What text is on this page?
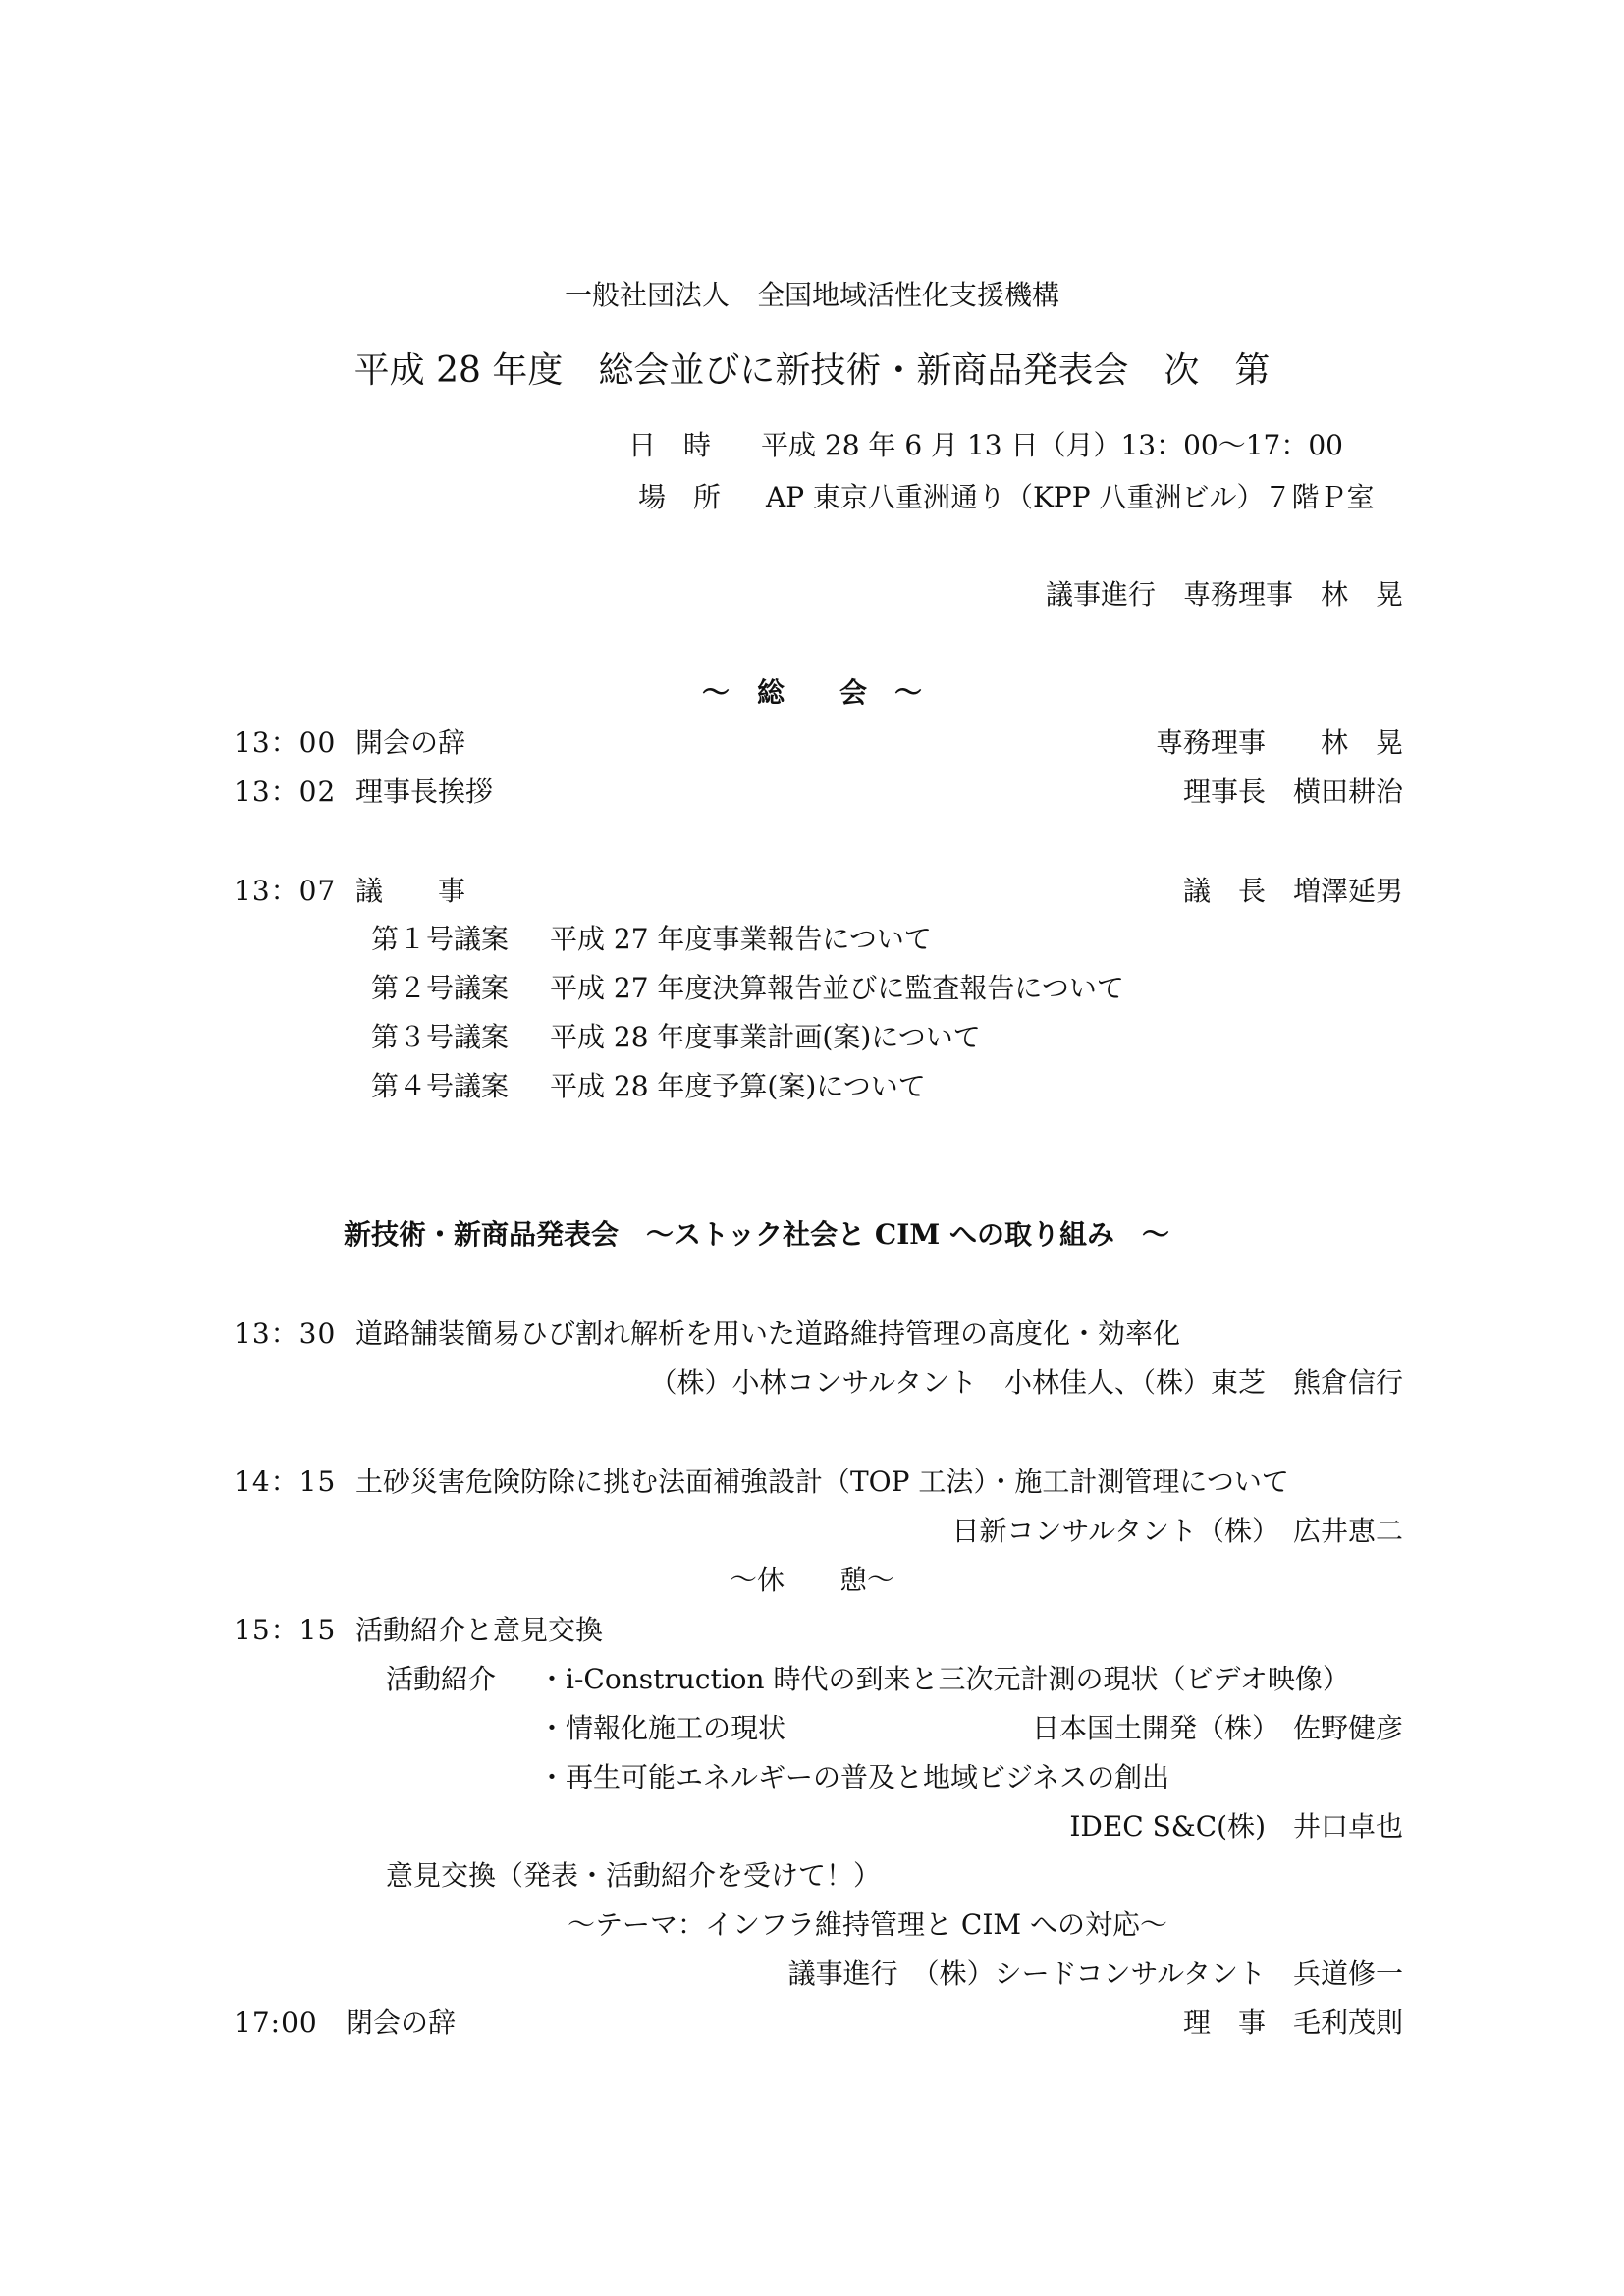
一般社団法人　全国地域活性化支援機構
平成 28 年度　総会並びに新技術・新商品発表会　次　第
日　時 平成 28 年 6 月 13 日（月）13：00～17：00
場　所 AP 東京八重洲通り（KPP 八重洲ビル）７階Ｐ室
議事進行　専務理事　林　晃
～　総　　会　～
13：00 開会の辞	専務理事　　林　晃
13：02 理事長挨拶	理事長　横田耕治
13：07 議　　事	議　長　増澤延男
第１号議案 平成 27 年度事業報告について
第２号議案 平成 27 年度決算報告並びに監査報告について
第３号議案 平成 28 年度事業計画(案)について
第４号議案 平成 28 年度予算(案)について
新技術・新商品発表会　～ストック社会と CIM への取り組み　～
13：30 道路舗装簡易ひび割れ解析を用いた道路維持管理の高度化・効率化
（株）小林コンサルタント　小林佳人、（株）東芝　熊倉信行
14：15 土砂災害危険防除に挑む法面補強設計（TOP 工法）・施工計測管理について
日新コンサルタント（株）　広井恵二
～休　　憩～
15：15 活動紹介と意見交換
活動紹介 ・i-Construction 時代の到来と三次元計測の現状（ビデオ映像）
・情報化施工の現状	日本国土開発（株）　佐野健彦
・再生可能エネルギーの普及と地域ビジネスの創出
IDEC S&C(株)　井口卓也
意見交換（発表・活動紹介を受けて！）
～テーマ：インフラ維持管理と CIM への対応～
議事進行　（株）シードコンサルタント　兵道修一
17:00 閉会の辞	理　事　毛利茂則
